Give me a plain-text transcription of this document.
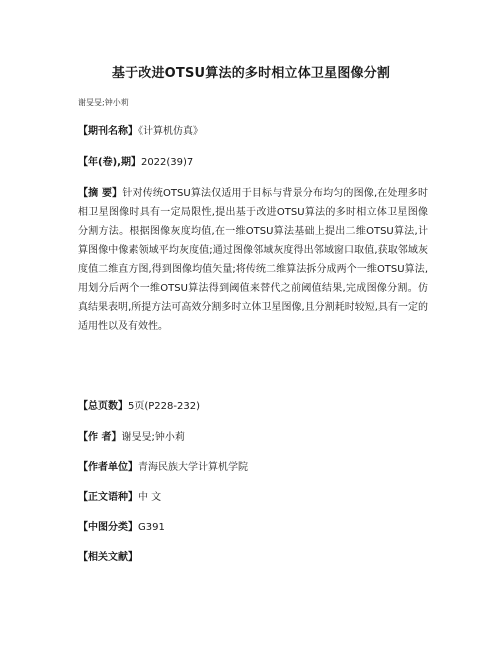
基于改进OTSU算法的多时相立体卫星图像分割
谢旻旻;钟小莉
【期刊名称】《计算机仿真》
【年(卷),期】2022(39)7
【摘 要】针对传统OTSU算法仅适用于目标与背景分布均匀的图像,在处理多时相卫星图像时具有一定局限性,提出基于改进OTSU算法的多时相立体卫星图像分割方法。根据图像灰度均值,在一维OTSU算法基础上提出二维OTSU算法,计算图像中像素领域平均灰度值;通过图像邻域灰度得出邻域窗口取值,获取邻域灰度值二维直方图,得到图像均值矢量;将传统二维算法拆分成两个一维OTSU算法,用划分后两个一维OTSU算法得到阈值来替代之前阈值结果,完成图像分割。仿真结果表明,所提方法可高效分割多时立体卫星图像,且分割耗时较短,具有一定的适用性以及有效性。
【总页数】5页(P228-232)
【作 者】谢旻旻;钟小莉
【作者单位】青海民族大学计算机学院
【正文语种】中 文
【中图分类】G391
【相关文献】
